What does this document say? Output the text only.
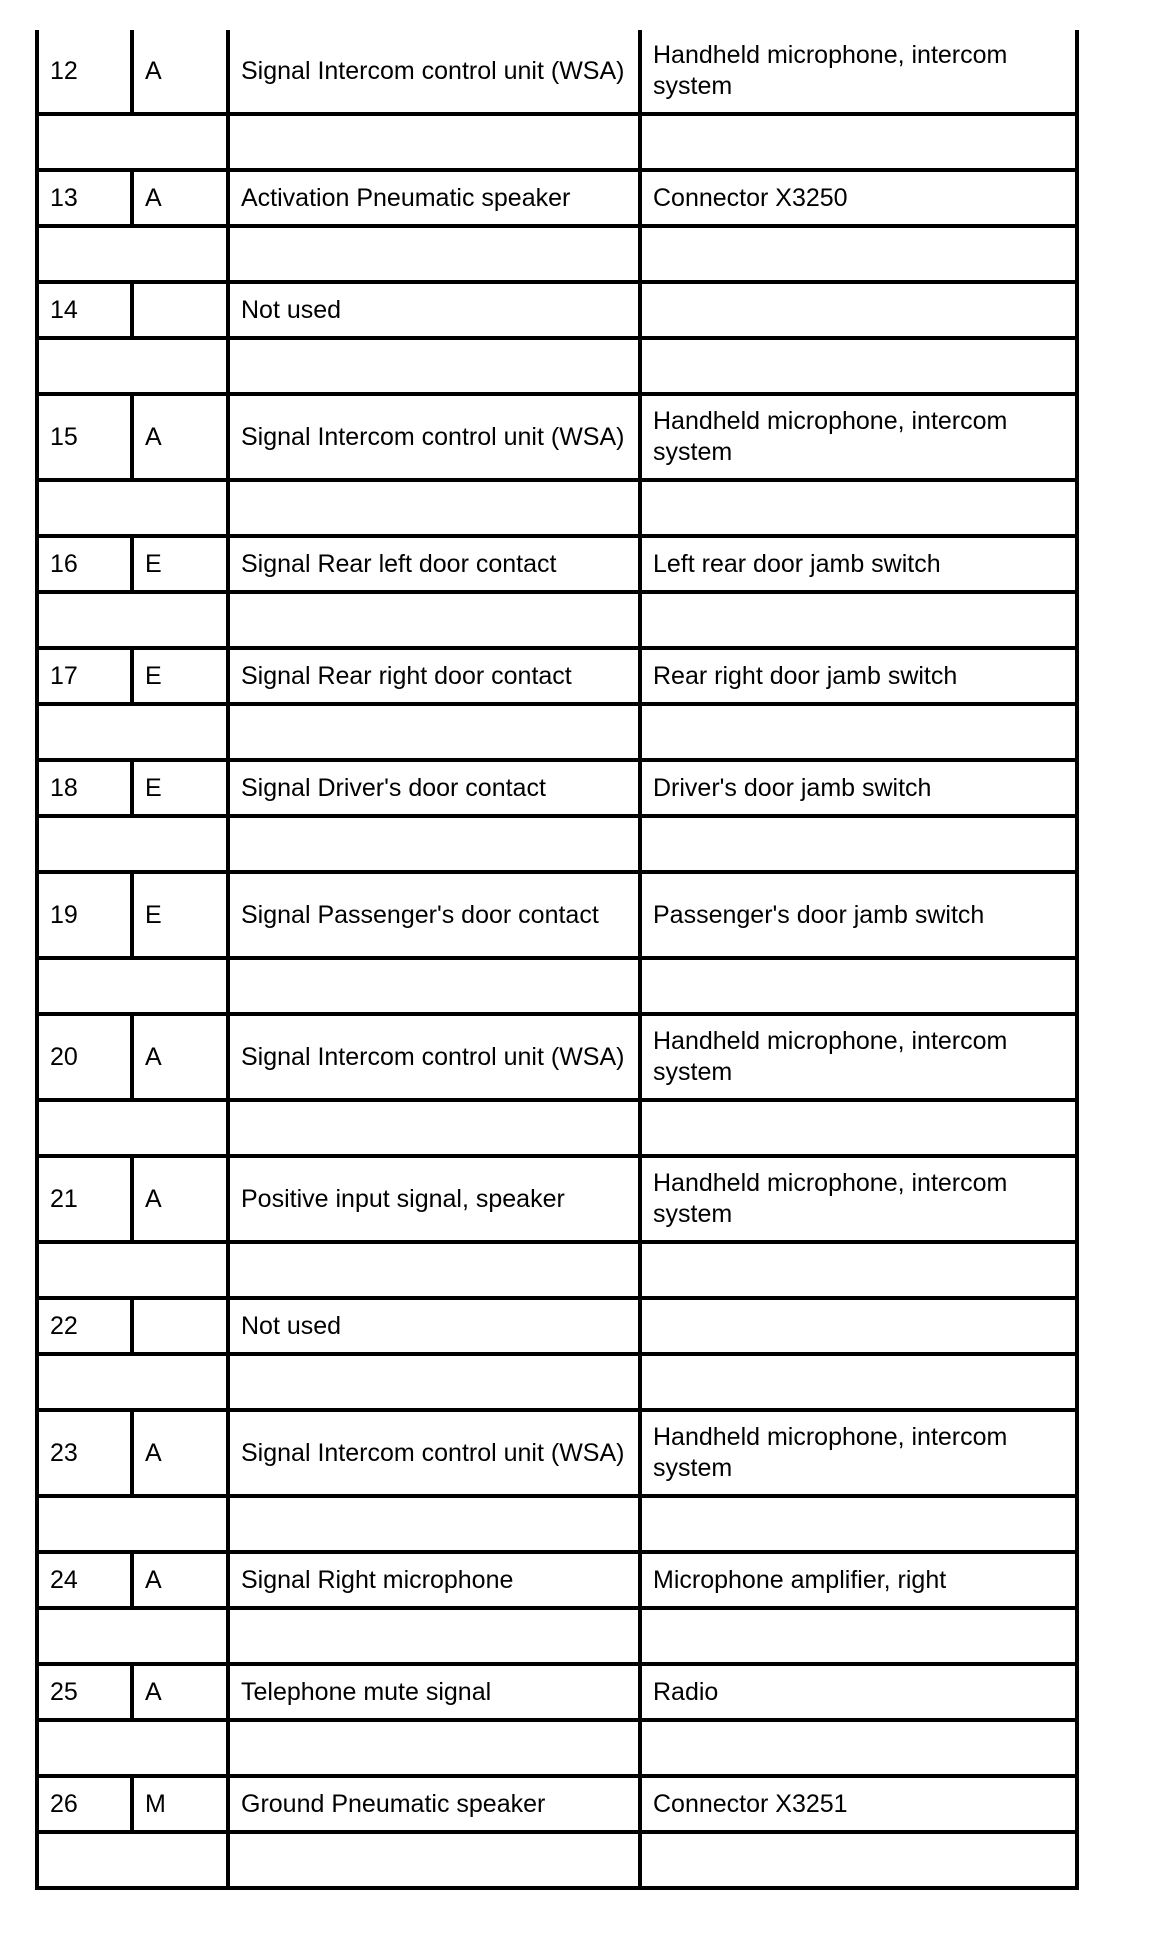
12	A	Signal Intercom control unit (WSA)	Handheld microphone, intercom system

13	A	Activation Pneumatic speaker	Connector X3250

14		Not used	

15	A	Signal Intercom control unit (WSA)	Handheld microphone, intercom system

16	E	Signal Rear left door contact	Left rear door jamb switch

17	E	Signal Rear right door contact	Rear right door jamb switch

18	E	Signal Driver's door contact	Driver's door jamb switch

19	E	Signal Passenger's door contact	Passenger's door jamb switch

20	A	Signal Intercom control unit (WSA)	Handheld microphone, intercom system

21	A	Positive input signal, speaker	Handheld microphone, intercom system

22		Not used	

23	A	Signal Intercom control unit (WSA)	Handheld microphone, intercom system

24	A	Signal Right microphone	Microphone amplifier, right

25	A	Telephone mute signal	Radio

26	M	Ground Pneumatic speaker	Connector X3251
